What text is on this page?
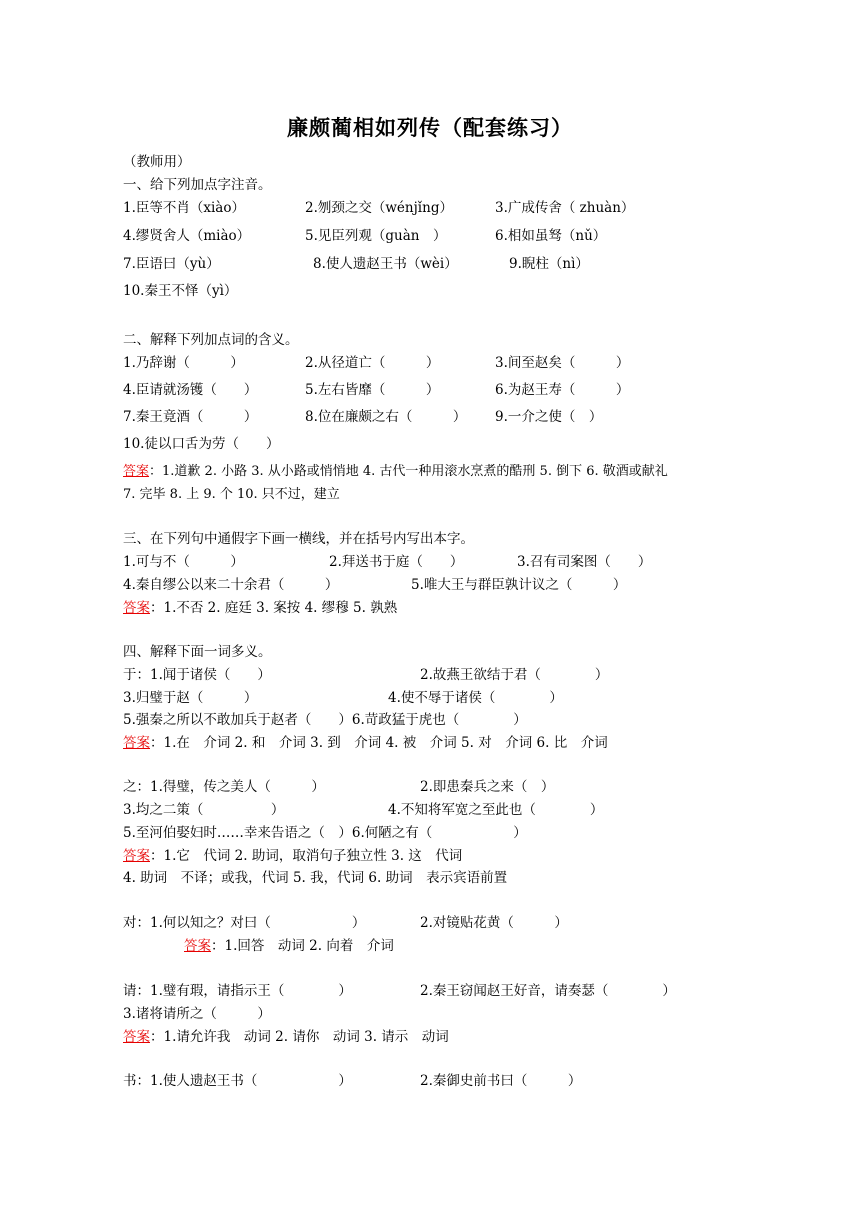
廉颇蔺相如列传（配套练习）
（教师用）
一、给下列加点字注音。
1.臣等不肖（xiào）	2.刎颈之交（wénjǐng）	3.广成传舍（ zhuàn）
4.缪贤舍人（miào）	5.见臣列观（guàn　）	6.相如虽驽（nǔ）
7.臣语曰（yù）	8.使人遗赵王书（wèi）	9.睨柱（nì）
10.秦王不怿（yì）
二、解释下列加点词的含义。
1.乃辞谢（　　　）	2.从径道亡（　　　）	3.间至赵矣（　　　）
4.臣请就汤镬（　　）	5.左右皆靡（　　　）	6.为赵王寿（　　　）
7.秦王竟酒（　　　）	8.位在廉颇之右（　　　） 9.一介之使（　）
10.徒以口舌为劳（　　）
答案：1.道歉 2. 小路 3. 从小路或悄悄地 4. 古代一种用滚水烹煮的酷刑 5. 倒下 6. 敬酒或献礼
7. 完毕 8. 上 9. 个 10. 只不过，建立
三、在下列句中通假字下画一横线，并在括号内写出本字。
1.可与不（　　　）	2.拜送书于庭（　　）	3.召有司案图（　　）
4.秦自缪公以来二十余君（　　　）	5.唯大王与群臣孰计议之（　　　）
答案：1.不否 2. 庭廷 3. 案按 4. 缪穆 5. 孰熟
四、解释下面一词多义。
于：1.闻于诸侯（　　）	2.故燕王欲结于君（　　　　）
3.归璧于赵（　　　）	4.使不辱于诸侯（　　　　）
5.强秦之所以不敢加兵于赵者（　　）6.苛政猛于虎也（　　　　）
答案：1.在　介词 2. 和　介词 3. 到　介词 4. 被　介词 5. 对　介词 6. 比　介词
之：1.得璧，传之美人（　　　）	2.即患秦兵之来（　）
3.均之二策（　　　　　）	4.不知将军宽之至此也（　　　　）
5.至河伯娶妇时……幸来告语之（　）6.何陋之有（　　　　　　）
答案：1.它　代词 2. 助词，取消句子独立性 3. 这　代词
4. 助词　不译；或我，代词 5. 我，代词 6. 助词　表示宾语前置
对：1.何以知之？对曰（　　　　　　）	2.对镜贴花黄（　　　）
答案：1.回答　动词 2. 向着　介词
请：1.璧有瑕，请指示王（　　　　）	2.秦王窃闻赵王好音，请奏瑟（　　　　）
3.诸将请所之（　　　）
答案：1.请允许我　动词 2. 请你　动词 3. 请示　动词
书：1.使人遗赵王书（　　　　　　）	2.秦御史前书曰（　　　）
